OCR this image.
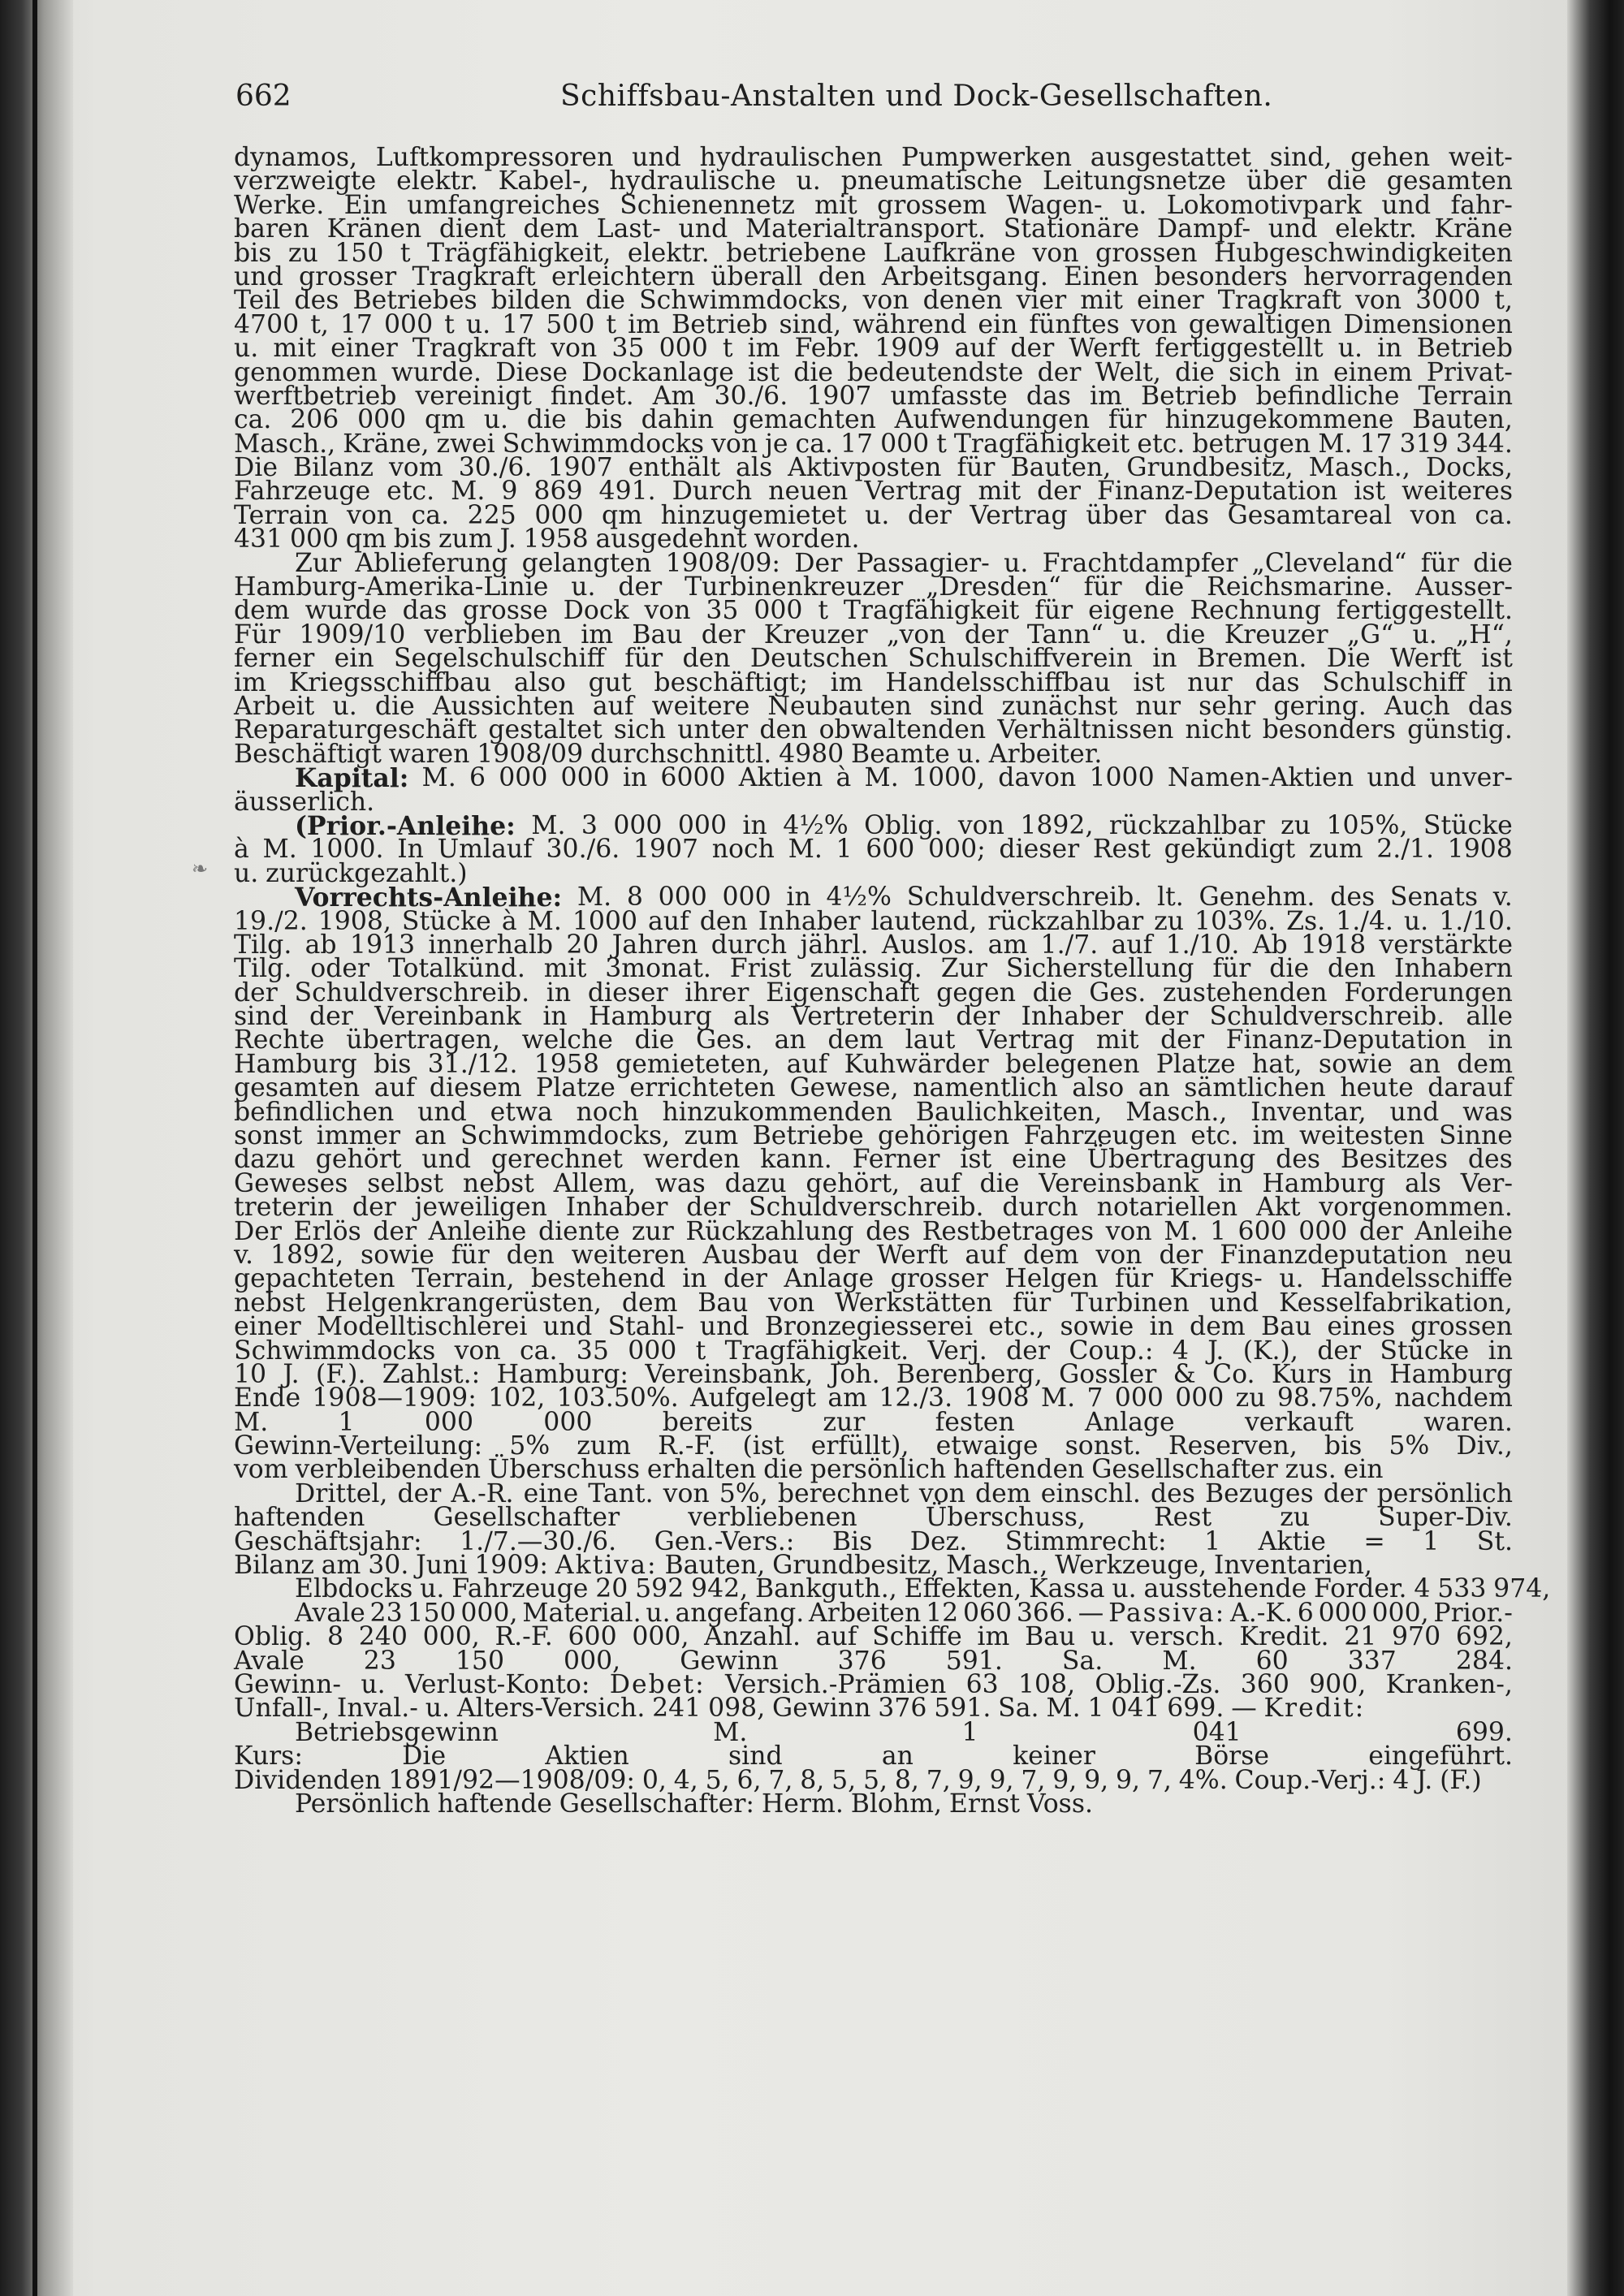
662	Schiffsbau-Anstalten und Dock-Gesellschaften.
❧
dynamos, Luftkompressoren und hydraulischen Pumpwerken ausgestattet sind, gehen weit-
verzweigte elektr. Kabel-, hydraulische u. pneumatische Leitungsnetze über die gesamten
Werke. Ein umfangreiches Schienennetz mit grossem Wagen- u. Lokomotivpark und fahr-
baren Kränen dient dem Last- und Materialtransport. Stationäre Dampf- und elektr. Kräne
bis zu 150 t Trägfähigkeit, elektr. betriebene Laufkräne von grossen Hubgeschwindigkeiten
und grosser Tragkraft erleichtern überall den Arbeitsgang. Einen besonders hervorragenden
Teil des Betriebes bilden die Schwimmdocks, von denen vier mit einer Tragkraft von 3000 t,
4700 t, 17 000 t u. 17 500 t im Betrieb sind, während ein fünftes von gewaltigen Dimensionen
u. mit einer Tragkraft von 35 000 t im Febr. 1909 auf der Werft fertiggestellt u. in Betrieb
genommen wurde. Diese Dockanlage ist die bedeutendste der Welt, die sich in einem Privat-
werftbetrieb vereinigt findet. Am 30./6. 1907 umfasste das im Betrieb befindliche Terrain
ca. 206 000 qm u. die bis dahin gemachten Aufwendungen für hinzugekommene Bauten,
Masch., Kräne, zwei Schwimmdocks von je ca. 17 000 t Tragfähigkeit etc. betrugen M. 17 319 344.
Die Bilanz vom 30./6. 1907 enthält als Aktivposten für Bauten, Grundbesitz, Masch., Docks,
Fahrzeuge etc. M. 9 869 491. Durch neuen Vertrag mit der Finanz-Deputation ist weiteres
Terrain von ca. 225 000 qm hinzugemietet u. der Vertrag über das Gesamtareal von ca.
431 000 qm bis zum J. 1958 ausgedehnt worden.
Zur Ablieferung gelangten 1908/09: Der Passagier- u. Frachtdampfer „Cleveland“ für die
Hamburg-Amerika-Linie u. der Turbinenkreuzer „Dresden“ für die Reichsmarine. Ausser-
dem wurde das grosse Dock von 35 000 t Tragfähigkeit für eigene Rechnung fertiggestellt.
Für 1909/10 verblieben im Bau der Kreuzer „von der Tann“ u. die Kreuzer „G“ u. „H“,
ferner ein Segelschulschiff für den Deutschen Schulschiffverein in Bremen. Die Werft ist
im Kriegsschiffbau also gut beschäftigt; im Handelsschiffbau ist nur das Schulschiff in
Arbeit u. die Aussichten auf weitere Neubauten sind zunächst nur sehr gering. Auch das
Reparaturgeschäft gestaltet sich unter den obwaltenden Verhältnissen nicht besonders günstig.
Beschäftigt waren 1908/09 durchschnittl. 4980 Beamte u. Arbeiter.
Kapital: M. 6 000 000 in 6000 Aktien à M. 1000, davon 1000 Namen-Aktien und unver-
äusserlich.
(Prior.-Anleihe: M. 3 000 000 in 4½% Oblig. von 1892, rückzahlbar zu 105%, Stücke
à M. 1000. In Umlauf 30./6. 1907 noch M. 1 600 000; dieser Rest gekündigt zum 2./1. 1908
u. zurückgezahlt.)
Vorrechts-Anleihe: M. 8 000 000 in 4½% Schuldverschreib. lt. Genehm. des Senats v.
19./2. 1908, Stücke à M. 1000 auf den Inhaber lautend, rückzahlbar zu 103%. Zs. 1./4. u. 1./10.
Tilg. ab 1913 innerhalb 20 Jahren durch jährl. Auslos. am 1./7. auf 1./10. Ab 1918 verstärkte
Tilg. oder Totalkünd. mit 3monat. Frist zulässig. Zur Sicherstellung für die den Inhabern
der Schuldverschreib. in dieser ihrer Eigenschaft gegen die Ges. zustehenden Forderungen
sind der Vereinbank in Hamburg als Vertreterin der Inhaber der Schuldverschreib. alle
Rechte übertragen, welche die Ges. an dem laut Vertrag mit der Finanz-Deputation in
Hamburg bis 31./12. 1958 gemieteten, auf Kuhwärder belegenen Platze hat, sowie an dem
gesamten auf diesem Platze errichteten Gewese, namentlich also an sämtlichen heute darauf
befindlichen und etwa noch hinzukommenden Baulichkeiten, Masch., Inventar, und was
sonst immer an Schwimmdocks, zum Betriebe gehörigen Fahrzeugen etc. im weitesten Sinne
dazu gehört und gerechnet werden kann. Ferner ist eine Übertragung des Besitzes des
Geweses selbst nebst Allem, was dazu gehört, auf die Vereinsbank in Hamburg als Ver-
treterin der jeweiligen Inhaber der Schuldverschreib. durch notariellen Akt vorgenommen.
Der Erlös der Anleihe diente zur Rückzahlung des Restbetrages von M. 1 600 000 der Anleihe
v. 1892, sowie für den weiteren Ausbau der Werft auf dem von der Finanzdeputation neu
gepachteten Terrain, bestehend in der Anlage grosser Helgen für Kriegs- u. Handelsschiffe
nebst Helgenkrangerüsten, dem Bau von Werkstätten für Turbinen und Kesselfabrikation,
einer Modelltischlerei und Stahl- und Bronzegiesserei etc., sowie in dem Bau eines grossen
Schwimmdocks von ca. 35 000 t Tragfähigkeit. Verj. der Coup.: 4 J. (K.), der Stücke in
10 J. (F.). Zahlst.: Hamburg: Vereinsbank, Joh. Berenberg, Gossler & Co. Kurs in Hamburg
Ende 1908—1909: 102, 103.50%. Aufgelegt am 12./3. 1908 M. 7 000 000 zu 98.75%, nachdem
M.	1	000	000	bereits	zur	festen	Anlage	verkauft	waren.
Gewinn-Verteilung: 5% zum R.-F. (ist erfüllt), etwaige sonst. Reserven, bis 5% Div.,
vom verbleibenden Überschuss erhalten die persönlich haftenden Gesellschafter zus. ein
Drittel, der A.-R. eine Tant. von 5%, berechnet von dem einschl. des Bezuges der persönlich
haftenden	Gesellschafter	verbliebenen	Überschuss,	Rest	zu	Super-Div.
Geschäftsjahr: 1./7.—30./6. Gen.-Vers.: Bis Dez. Stimmrecht: 1 Aktie = 1 St.
Bilanz am 30. Juni 1909: Aktiva: Bauten, Grundbesitz, Masch., Werkzeuge, Inventarien,
Elbdocks u. Fahrzeuge 20 592 942, Bankguth., Effekten, Kassa u. ausstehende Forder. 4 533 974,
Avale 23 150 000, Material. u. angefang. Arbeiten 12 060 366. — Passiva: A.-K. 6 000 000, Prior.-
Oblig. 8 240 000, R.-F. 600 000, Anzahl. auf Schiffe im Bau u. versch. Kredit. 21 970 692,
Avale 23 150 000, Gewinn 376 591. Sa. M. 60 337 284.
Gewinn- u. Verlust-Konto: Debet: Versich.-Prämien 63 108, Oblig.-Zs. 360 900, Kranken-,
Unfall-, Inval.- u. Alters-Versich. 241 098, Gewinn 376 591. Sa. M. 1 041 699. — Kredit:
Betriebsgewinn	M.	1	041	699.
Kurs:	Die	Aktien	sind	an	keiner	Börse	eingeführt.
Dividenden 1891/92—1908/09: 0, 4, 5, 6, 7, 8, 5, 5, 8, 7, 9, 9, 7, 9, 9, 9, 7, 4%. Coup.-Verj.: 4 J. (F.)
Persönlich haftende Gesellschafter: Herm. Blohm, Ernst Voss.
